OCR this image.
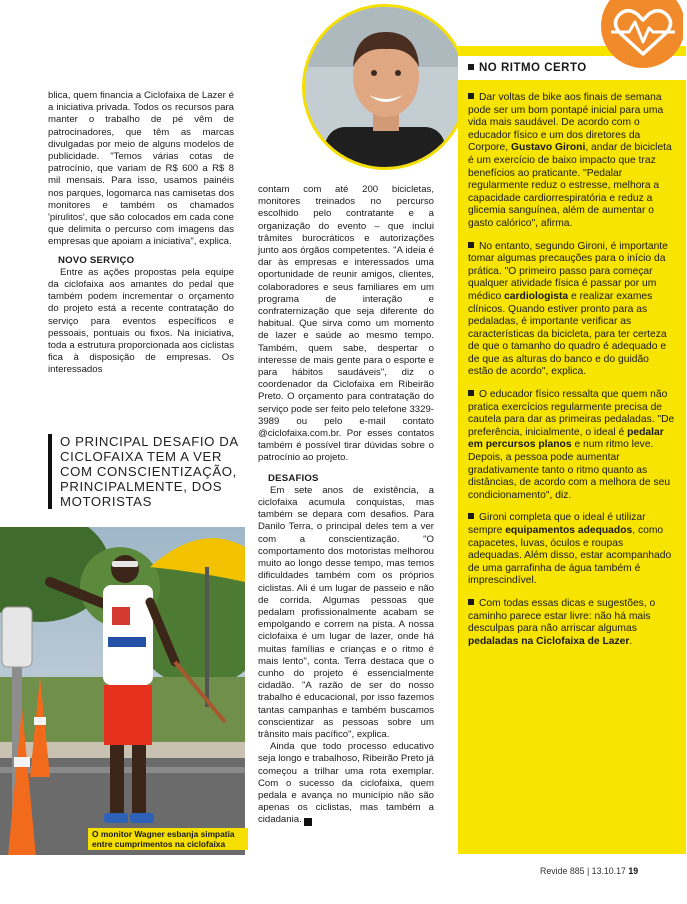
blica, quem financia a Ciclofaixa de Lazer é a iniciativa privada. Todos os recursos para manter o trabalho de pé vêm de patrocinadores, que têm as marcas divulgadas por meio de alguns modelos de publicidade. "Temos várias cotas de patrocínio, que variam de R$ 600 a R$ 8 mil mensais. Para isso, usamos painéis nos parques, logomarca nas camisetas dos monitores e também os chamados 'pirulitos', que são colocados em cada cone que delimita o percurso com imagens das empresas que apoiam a iniciativa", explica.

NOVO SERVIÇO

Entre as ações propostas pela equipe da ciclofaixa aos amantes do pedal que também podem incrementar o orçamento do projeto está a recente contratação do serviço para eventos específicos e pessoais, pontuais ou fixos. Na iniciativa, toda a estrutura proporcionada aos ciclistas fica à disposição de empresas. Os interessados

O PRINCIPAL DESAFIO DA CICLOFAIXA TEM A VER COM CONSCIENTIZAÇÃO, PRINCIPALMENTE, DOS MOTORISTAS
O monitor Wagner esbanja simpatia entre cumprimentos na ciclofaixa

contam com até 200 bicicletas, monitores treinados no percurso escolhido pelo contratante e a organização do evento – que inclui trâmites burocráticos e autorizações junto aos órgãos competentes. "A ideia é dar às empresas e interessados uma oportunidade de reunir amigos, clientes, colaboradores e seus familiares em um programa de interação e confraternização que seja diferente do habitual. Que sirva como um momento de lazer e saúde ao mesmo tempo. Também, quem sabe, despertar o interesse de mais gente para o esporte e para hábitos saudáveis", diz o coordenador da Ciclofaixa em Ribeirão Preto. O orçamento para contratação do serviço pode ser feito pelo telefone 3329-3989 ou pelo e-mail contato @ciclofaixa.com.br. Por esses contatos também é possível tirar dúvidas sobre o patrocínio ao projeto.

DESAFIOS

Em sete anos de existência, a ciclofaixa acumula conquistas, mas também se depara com desafios. Para Danilo Terra, o principal deles tem a ver com a conscientização. "O comportamento dos motoristas melhorou muito ao longo desse tempo, mas temos dificuldades também com os próprios ciclistas. Ali é um lugar de passeio e não de corrida. Algumas pessoas que pedalam profissionalmente acabam se empolgando e correm na pista. A nossa ciclofaixa é um lugar de lazer, onde há muitas famílias e crianças e o ritmo é mais lento", conta. Terra destaca que o cunho do projeto é essencialmente cidadão. "A razão de ser do nosso trabalho é educacional, por isso fazemos tantas campanhas e também buscamos conscientizar as pessoas sobre um trânsito mais pacífico", explica.

Ainda que todo processo educativo seja longo e trabalhoso, Ribeirão Preto já começou a trilhar uma rota exemplar. Com o sucesso da ciclofaixa, quem pedala e avança no município não são apenas os ciclistas, mas também a cidadania. R

NO RITMO CERTO

Dar voltas de bike aos finais de semana pode ser um bom pontapé inicial para uma vida mais saudável. De acordo com o educador físico e um dos diretores da Corpore, Gustavo Gironi, andar de bicicleta é um exercício de baixo impacto que traz benefícios ao praticante. "Pedalar regularmente reduz o estresse, melhora a capacidade cardiorrespiratória e reduz a glicemia sanguínea, além de aumentar o gasto calórico", afirma.

No entanto, segundo Gironi, é importante tomar algumas precauções para o início da prática. "O primeiro passo para começar qualquer atividade física é passar por um médico cardiologista e realizar exames clínicos. Quando estiver pronto para as pedaladas, é importante verificar as características da bicicleta, para ter certeza de que o tamanho do quadro é adequado e de que as alturas do banco e do guidão estão de acordo", explica.

O educador físico ressalta que quem não pratica exercícios regularmente precisa de cautela para dar as primeiras pedaladas. "De preferência, inicialmente, o ideal é pedalar em percursos planos e num ritmo leve. Depois, a pessoa pode aumentar gradativamente tanto o ritmo quanto as distâncias, de acordo com a melhora de seu condicionamento", diz.

Gironi completa que o ideal é utilizar sempre equipamentos adequados, como capacetes, luvas, óculos e roupas adequadas. Além disso, estar acompanhado de uma garrafinha de água também é imprescindível.

Com todas essas dicas e sugestões, o caminho parece estar livre: não há mais desculpas para não arriscar algumas pedaladas na Ciclofaixa de Lazer.

Revide 885 | 13.10.17 19
